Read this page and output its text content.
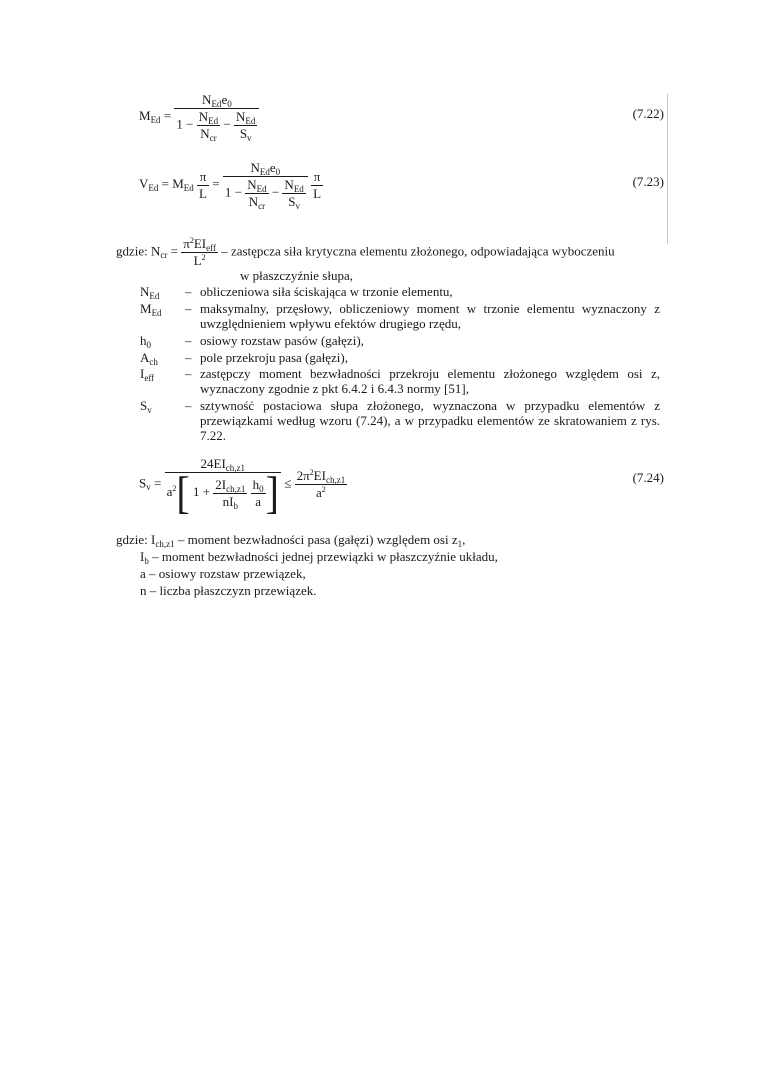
$M_{Ed} = \frac{N_{Ed}e_0}{1 - \frac{N_{Ed}}{N_{cr}} - \frac{N_{Ed}}{S_v}}$	(7.22)
$V_{Ed} = M_{Ed} \frac{\pi}{L} = \frac{N_{Ed}e_0}{1 - \frac{N_{Ed}}{N_{cr}} - \frac{N_{Ed}}{S_v}}$
$\frac{\pi}{L}$	(7.23)
gdzie: $N_{cr} = \frac{\pi^2EI_{eff}}{L^2}$ – zastępcza siła krytyczna elementu złożonego, odpowiadająca wyboczeniu
w płaszczyźnie słupa,
$N_{Ed}$ – obliczeniowa siła ściskająca w trzonie elementu,
$M_{Ed}$ – maksymalny, przęsłowy, obliczeniowy moment w trzonie elementu wyznaczony z uwzględnieniem wpływu efektów drugiego rzędu,
$h_0$	– osiowy rozstaw pasów (gałęzi),
$A_{ch}$ – pole przekroju pasa (gałęzi),
$I_{eff}$ – zastępczy moment bezwładności przekroju elementu złożonego względem osi z, wyznaczony zgodnie z pkt 6.4.2 i 6.4.3 normy [51],
$S_v$	– sztywność postaciowa słupa złożonego, wyznaczona w przypadku elementów z przewiązkami według wzoru (7.24), a w przypadku elementów ze skratowaniem z rys. 7.22.
$S_v = 24EI_{ch,z1}$
$a^2$[ $1 + \frac{2I_{ch,z1}}{nI_b}$
$\frac{h_0}{a}$ ] ≤ $\frac{2\pi^2EI_{ch,z1}}{a^2}$	(7.24)
gdzie: $I_{ch,z1}$ – moment bezwładności pasa (gałęzi) względem osi $z_1$,
$I_b$ – moment bezwładności jednej przewiązki w płaszczyźnie układu,
a – osiowy rozstaw przewiązek,
n – liczba płaszczyzn przewiązek.
